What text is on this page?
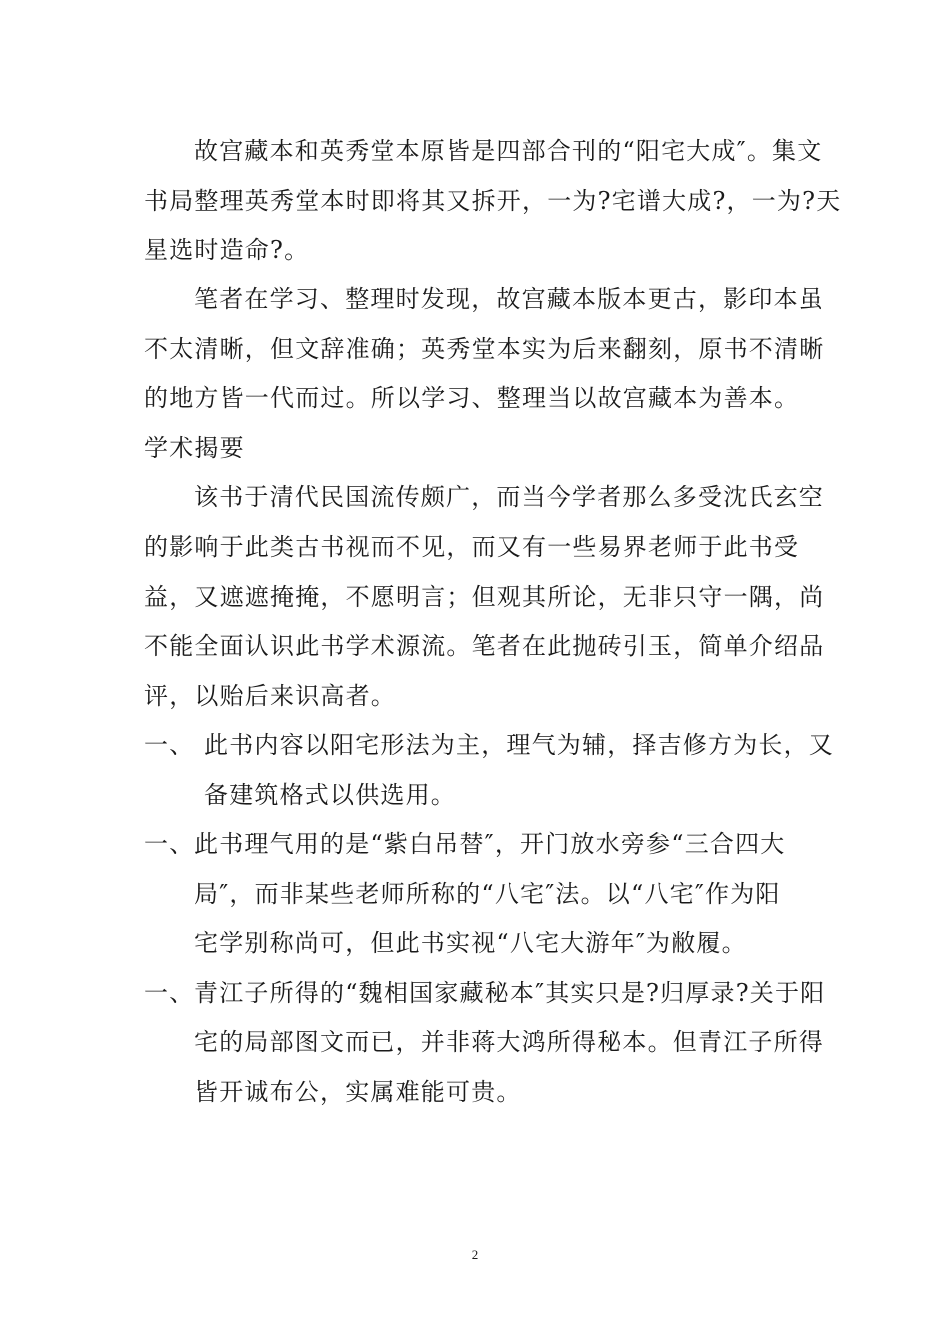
故宫藏本和英秀堂本原皆是四部合刊的“阳宅大成″。集文
书局整理英秀堂本时即将其又拆开，一为?宅谱大成?，一为?天
星选时造命?。
笔者在学习、整理时发现，故宫藏本版本更古，影印本虽
不太清晰，但文辞准确；英秀堂本实为后来翻刻，原书不清晰
的地方皆一代而过。所以学习、整理当以故宫藏本为善本。
学术揭要
该书于清代民国流传颇广，而当今学者那么多受沈氏玄空
的影响于此类古书视而不见，而又有一些易界老师于此书受
益，又遮遮掩掩，不愿明言；但观其所论，无非只守一隅，尚
不能全面认识此书学术源流。笔者在此抛砖引玉，简单介绍品
评，以贻后来识高者。
一、 此书内容以阳宅形法为主，理气为辅，择吉修方为长，又
备建筑格式以供选用。
一、 此书理气用的是“紫白吊替″，开门放水旁参“三合四大
局″，而非某些老师所称的“八宅″法。以“八宅″作为阳
宅学别称尚可，但此书实视“八宅大游年″为敝履。
一、 青江子所得的“魏相国家藏秘本″其实只是?归厚录?关于阳
宅的局部图文而已，并非蒋大鸿所得秘本。但青江子所得
皆开诚布公，实属难能可贵。
2
